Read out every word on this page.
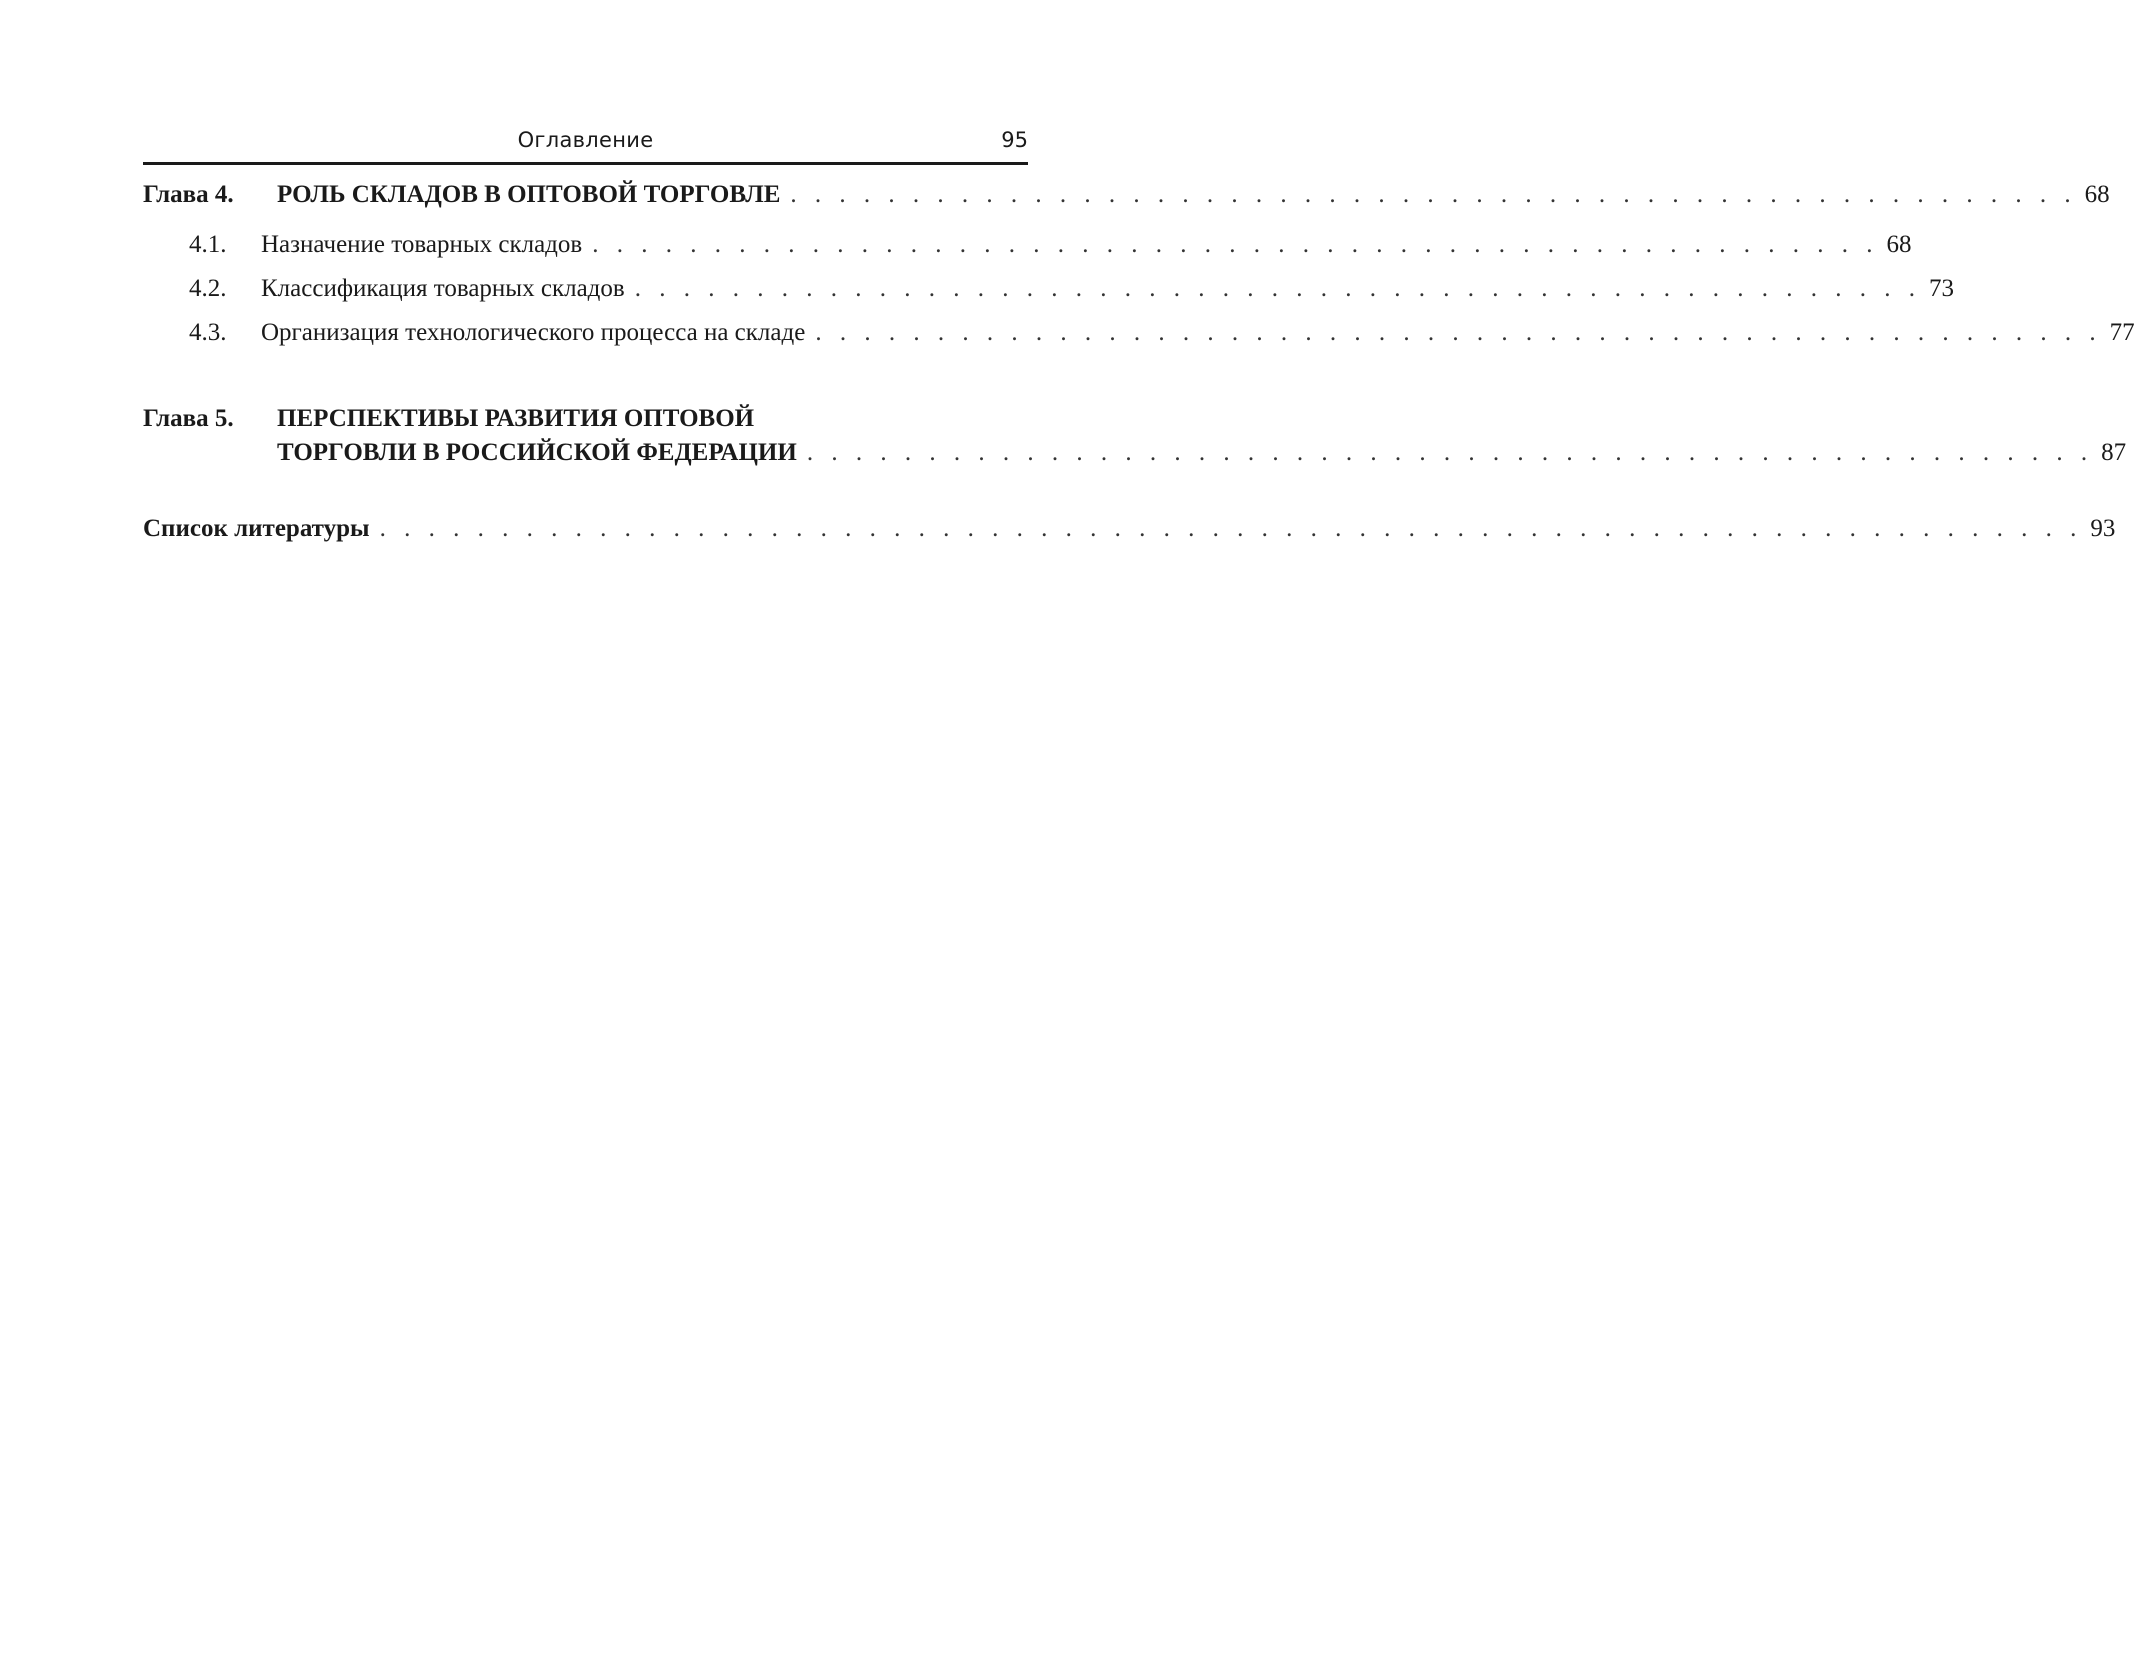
Оглавление	95
Глава 4. РОЛЬ СКЛАДОВ В ОПТОВОЙ ТОРГОВЛЕ . . . . . . . . . . . . . . . . . . . . . . . . . . . . . . . . . . . . . . . . . . . . . . . . . . . . . 68
4.1. Назначение товарных складов . . . . . . . . . . . . . . . . . . . . . . . . . . . . . . . . . . . . . . . . . . . . . . . . . . . . . 68
4.2. Классификация товарных складов . . . . . . . . . . . . . . . . . . . . . . . . . . . . . . . . . . . . . . . . . . . . . . . . . . . . . 73
4.3. Организация технологического процесса на складе . . . . . . . . . . . . . . . . . . . . . . . . . . . . . . . . . . . . . . . . . . . . . . . . . . . . . 77
Глава 5. ПЕРСПЕКТИВЫ РАЗВИТИЯ ОПТОВОЙ
ТОРГОВЛИ В РОССИЙСКОЙ ФЕДЕРАЦИИ . . . . . . . . . . . . . . . . . . . . . . . . . . . . . . . . . . . . . . . . . . . . . . . . . . . . . 87
Список литературы . . . . . . . . . . . . . . . . . . . . . . . . . . . . . . . . . . . . . . . . . . . . . . . . . . . . . . . . . . . . . . . . . . . . . . 93
